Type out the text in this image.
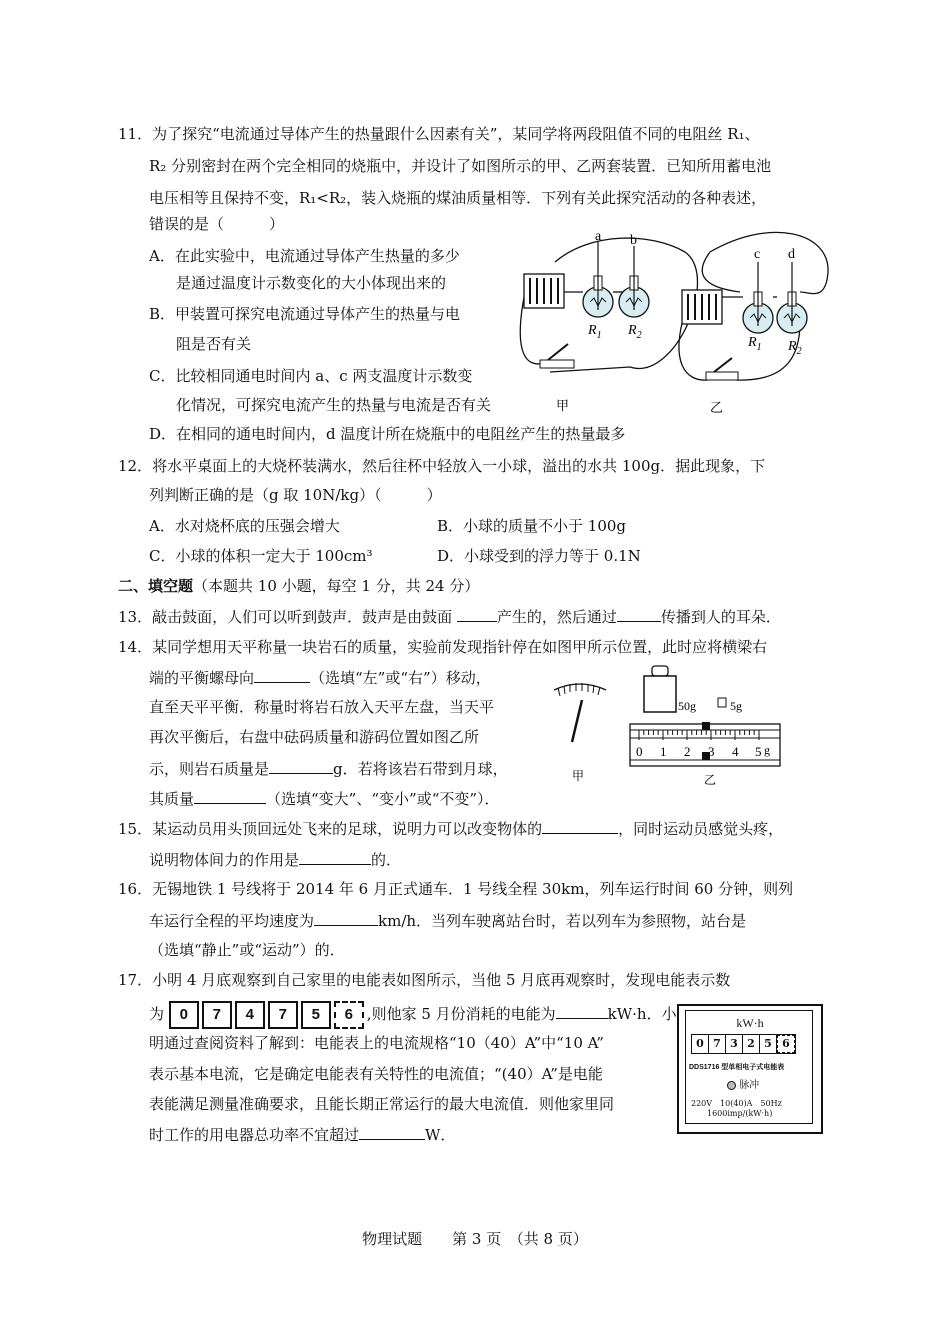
11．为了探究“电流通过导体产生的热量跟什么因素有关”，某同学将两段阻值不同的电阻丝 R₁、
R₂ 分别密封在两个完全相同的烧瓶中，并设计了如图所示的甲、乙两套装置．已知所用蓄电池
电压相等且保持不变，R₁<R₂，装入烧瓶的煤油质量相等．下列有关此探究活动的各种表述，
错误的是（　　　）
A．在此实验中，电流通过导体产生热量的多少
是通过温度计示数变化的大小体现出来的
B．甲装置可探究电流通过导体产生的热量与电
阻是否有关
C．比较相同通电时间内 a、c 两支温度计示数变
化情况，可探究电流产生的热量与电流是否有关
D．在相同的通电时间内，d 温度计所在烧瓶中的电阻丝产生的热量最多
a b
$R_1$ $R_2$
甲
c d
$R_1$ $R_2$
乙
12．将水平桌面上的大烧杯装满水，然后往杯中轻放入一小球，溢出的水共 100g．据此现象，下
列判断正确的是（g 取 10N/kg）（　　　）
A．水对烧杯底的压强会增大	B．小球的质量不小于 100g
C．小球的体积一定大于 100cm³	D．小球受到的浮力等于 0.1N
二、填空题（本题共 10 小题，每空 1 分，共 24 分）
13．敲击鼓面，人们可以听到鼓声．鼓声是由鼓面	产生的，然后通过	传播到人的耳朵．
14．某同学想用天平称量一块岩石的质量，实验前发现指针停在如图甲所示位置，此时应将横梁右
端的平衡螺母向	（选填“左”或“右”）移动，
直至天平平衡．称量时将岩石放入天平左盘，当天平
再次平衡后，右盘中砝码质量和游码位置如图乙所
示，则岩石质量是	g．若将该岩石带到月球，
其质量	（选填“变大”、“变小”或“不变”）．
甲
50g	5g
0 1 2 3 4 5 g
乙
15．某运动员用头顶回远处飞来的足球，说明力可以改变物体的	，同时运动员感觉头疼，
说明物体间力的作用是	的．
16．无锡地铁 1 号线将于 2014 年 6 月正式通车．1 号线全程 30km，列车运行时间 60 分钟，则列
车运行全程的平均速度为	km/h．当列车驶离站台时，若以列车为参照物，站台是
（选填“静止”或“运动”）的．
17．小明 4 月底观察到自己家里的电能表如图所示，当他 5 月底再观察时，发现电能表示数
为 0 7 4 7 5 6 ,则他家 5 月份消耗的电能为	kW·h．小
明通过查阅资料了解到：电能表上的电流规格“10（40）A”中“10 A”
表示基本电流，它是确定电能表有关特性的电流值；“(40）A”是电能
表能满足测量准确要求，且能长期正常运行的最大电流值．则他家里同
时工作的用电器总功率不宜超过	W．
kW·h
0 7 3 2 5 6
DDS1716 型单相电子式电能表
脉冲
220V　10(40)A　50Hz
1600imp/(kW·h)
物理试题　　第 3 页　（共 8 页）
